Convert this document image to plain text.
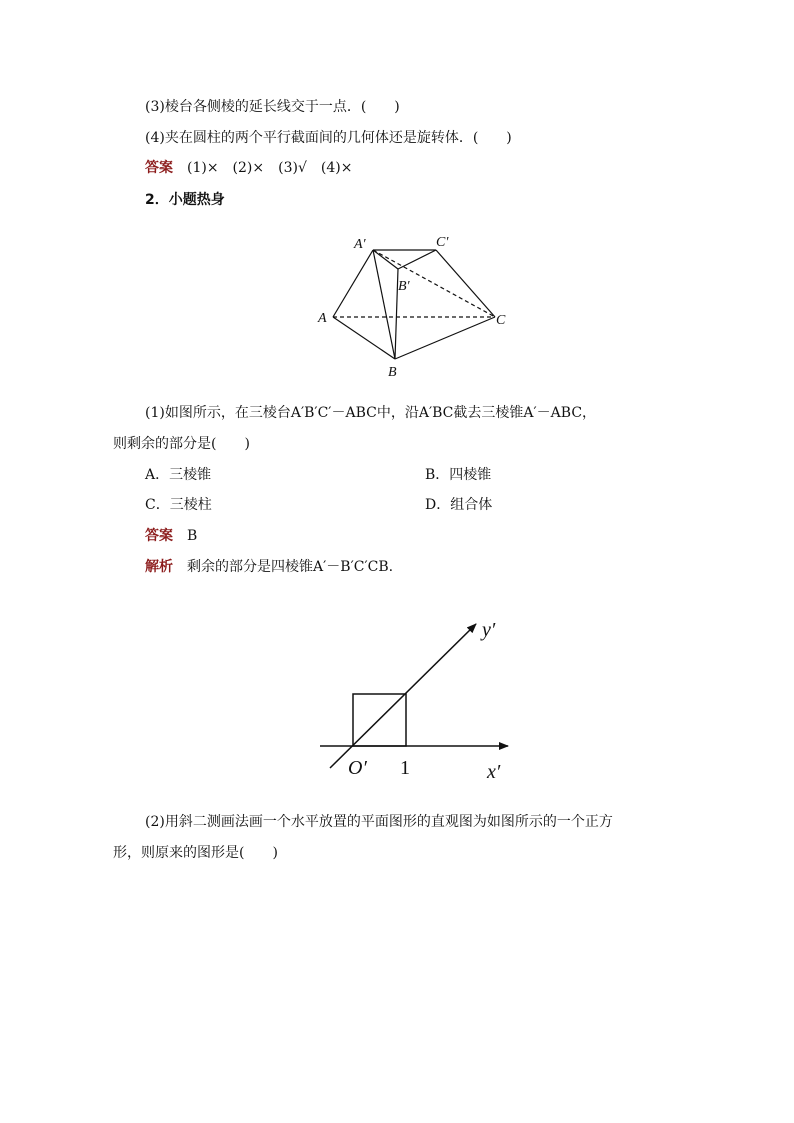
(3)棱台各侧棱的延长线交于一点．(　　)
(4)夹在圆柱的两个平行截面间的几何体还是旋转体．(　　)
答案 (1)×　(2)×　(3)√　(4)×
2．小题热身
A′	C′
B′
A	C
B
(1)如图所示，在三棱台A′B′C′－ABC中，沿A′BC截去三棱锥A′－ABC，
则剩余的部分是(　　)
A．三棱锥	B．四棱锥
C．三棱柱	D．组合体
答案 B
解析 剩余的部分是四棱锥A′－B′C′CB.
y′
x′
O′ 1
(2)用斜二测画法画一个水平放置的平面图形的直观图为如图所示的一个正方
形，则原来的图形是(　　)
